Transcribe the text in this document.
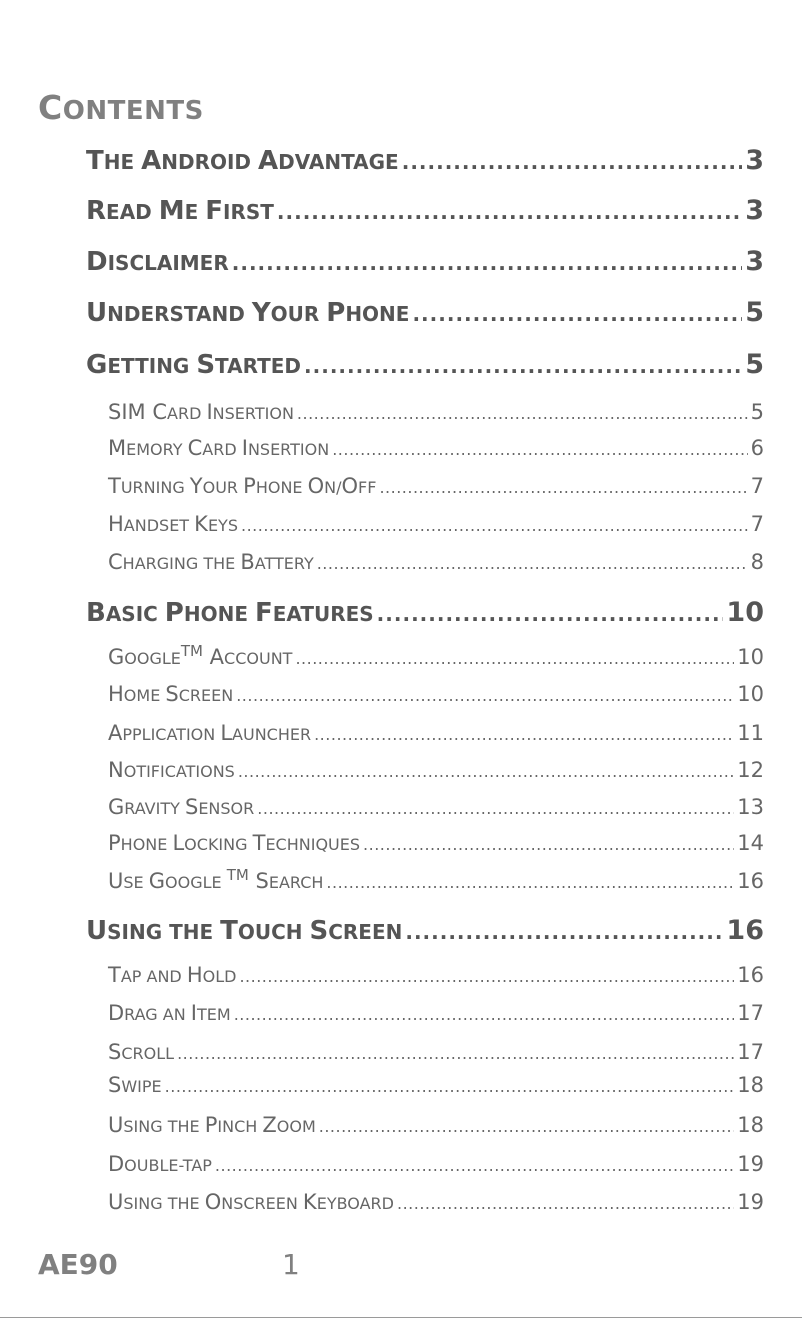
CONTENTS
THE ANDROID ADVANTAGE .....	3
READ ME FIRST .....	3
DISCLAIMER .....	3
UNDERSTAND YOUR PHONE .....	5
GETTING STARTED .....	5
SIM CARD INSERTION .....	5
MEMORY CARD INSERTION .....	6
TURNING YOUR PHONE ON/OFF .....	7
HANDSET KEYS .....	7
CHARGING THE BATTERY .....	8
BASIC PHONE FEATURES .....	10
GOOGLE™ ACCOUNT .....	10
HOME SCREEN .....	10
APPLICATION LAUNCHER .....	11
NOTIFICATIONS .....	12
GRAVITY SENSOR .....	13
PHONE LOCKING TECHNIQUES .....	14
USE GOOGLE ™ SEARCH .....	16
USING THE TOUCH SCREEN .....	16
TAP AND HOLD .....	16
DRAG AN ITEM .....	17
SCROLL .....	17
SWIPE .....	18
USING THE PINCH ZOOM .....	18
DOUBLE-TAP .....	19
USING THE ONSCREEN KEYBOARD .....	19
AE90	1
